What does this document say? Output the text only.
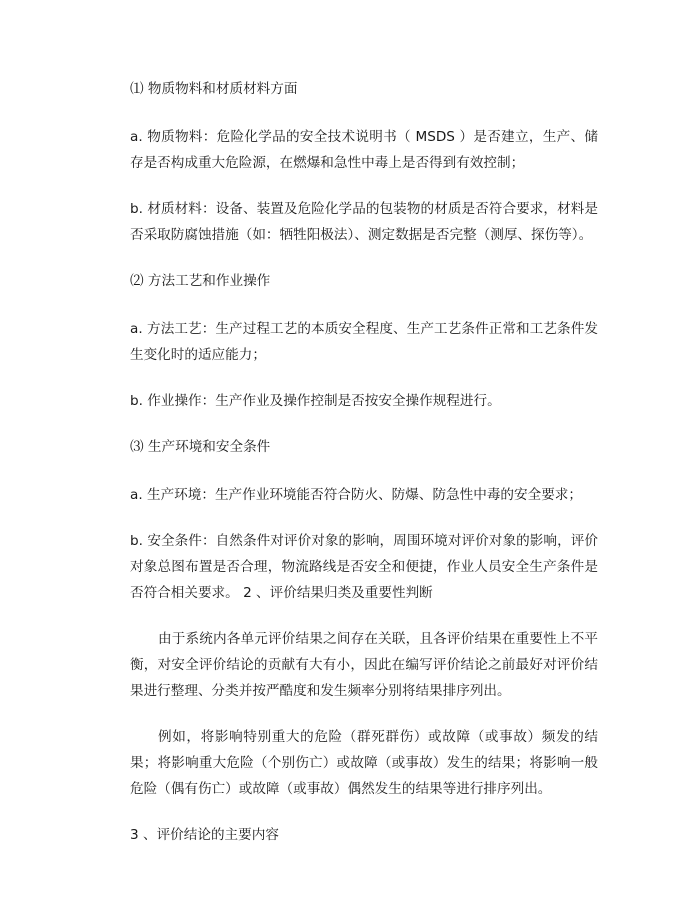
⑴ 物质物料和材质材料方面

a. 物质物料：危险化学品的安全技术说明书（ MSDS ）是否建立，生产、储存是否构成重大危险源，在燃爆和急性中毒上是否得到有效控制；

b. 材质材料：设备、装置及危险化学品的包装物的材质是否符合要求，材料是否采取防腐蚀措施（如：牺牲阳极法）、测定数据是否完整（测厚、探伤等）。

⑵ 方法工艺和作业操作

a. 方法工艺：生产过程工艺的本质安全程度、生产工艺条件正常和工艺条件发生变化时的适应能力；

b. 作业操作：生产作业及操作控制是否按安全操作规程进行。

⑶ 生产环境和安全条件

a. 生产环境：生产作业环境能否符合防火、防爆、防急性中毒的安全要求；

b. 安全条件：自然条件对评价对象的影响，周围环境对评价对象的影响，评价对象总图布置是否合理，物流路线是否安全和便捷，作业人员安全生产条件是否符合相关要求。 2 、评价结果归类及重要性判断

由于系统内各单元评价结果之间存在关联，且各评价结果在重要性上不平衡，对安全评价结论的贡献有大有小，因此在编写评价结论之前最好对评价结果进行整理、分类并按严酷度和发生频率分别将结果排序列出。

例如，将影响特别重大的危险（群死群伤）或故障（或事故）频发的结果；将影响重大危险（个别伤亡）或故障（或事故）发生的结果；将影响一般危险（偶有伤亡）或故障（或事故）偶然发生的结果等进行排序列出。

3 、评价结论的主要内容
